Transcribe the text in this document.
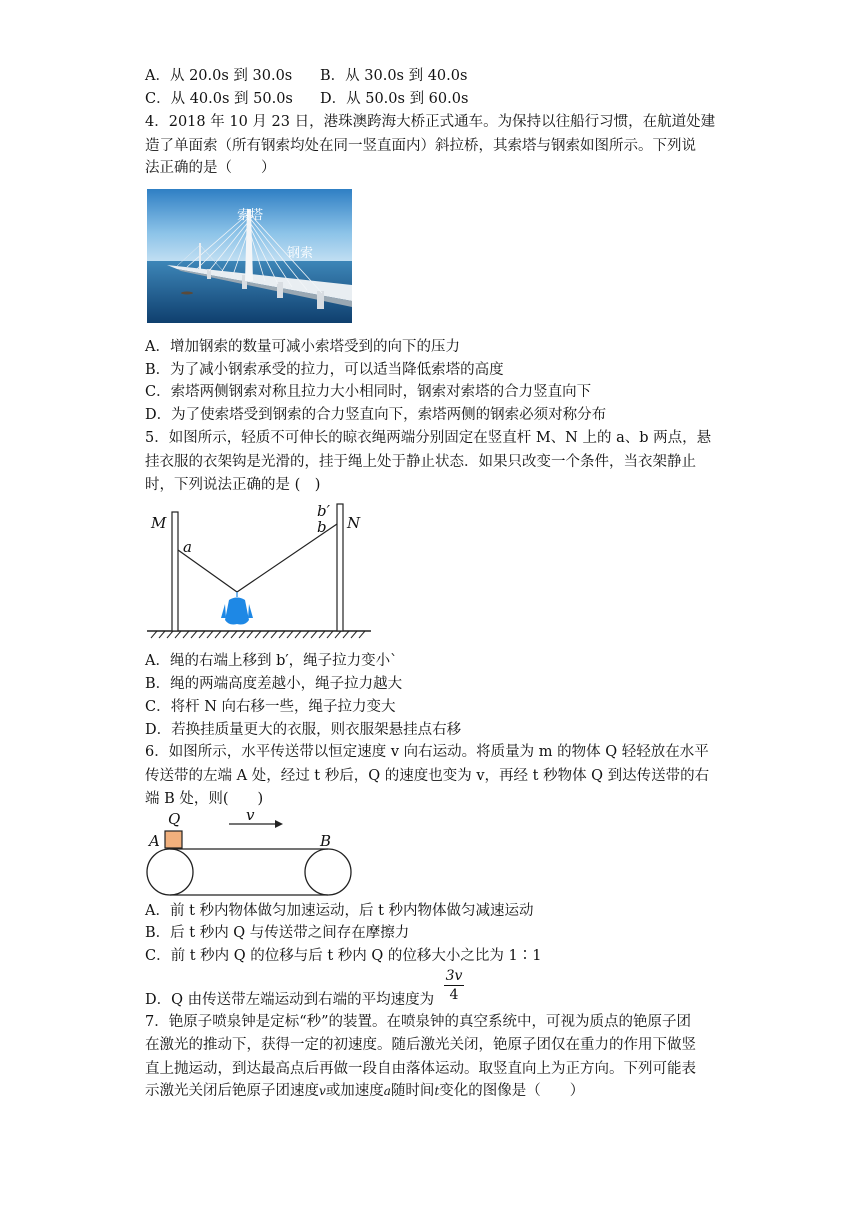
A．从 20.0s 到 30.0s B．从 30.0s 到 40.0s
C．从 40.0s 到 50.0s D．从 50.0s 到 60.0s
4．2018 年 10 月 23 日，港珠澳跨海大桥正式通车。为保持以往船行习惯，在航道处建
造了单面索（所有钢索均处在同一竖直面内）斜拉桥，其索塔与钢索如图所示。下列说
法正确的是（　　）
索塔
钢索
A．增加钢索的数量可减小索塔受到的向下的压力
B．为了减小钢索承受的拉力，可以适当降低索塔的高度
C．索塔两侧钢索对称且拉力大小相同时，钢索对索塔的合力竖直向下
D．为了使索塔受到钢索的合力竖直向下，索塔两侧的钢索必须对称分布
5．如图所示，轻质不可伸长的晾衣绳两端分别固定在竖直杆 M、N 上的 a、b 两点，悬
挂衣服的衣架钩是光滑的，挂于绳上处于静止状态．如果只改变一个条件，当衣架静止
时，下列说法正确的是 (　)
M	N
a
b′
b
A．绳的右端上移到 b′，绳子拉力变小`
B．绳的两端高度差越小，绳子拉力越大
C．将杆 N 向右移一些，绳子拉力变大
D．若换挂质量更大的衣服，则衣服架悬挂点右移
6．如图所示，水平传送带以恒定速度 v 向右运动。将质量为 m 的物体 Q 轻轻放在水平
传送带的左端 A 处，经过 t 秒后，Q 的速度也变为 v，再经 t 秒物体 Q 到达传送带的右
端 B 处，则(　　)
Q	v
A	B
A．前 t 秒内物体做匀加速运动，后 t 秒内物体做匀减速运动
B．后 t 秒内 Q 与传送带之间存在摩擦力
C．前 t 秒内 Q 的位移与后 t 秒内 Q 的位移大小之比为 1∶1
D．Q 由传送带左端运动到右端的平均速度为
3v
4
7．铯原子喷泉钟是定标“秒”的装置。在喷泉钟的真空系统中，可视为质点的铯原子团
在激光的推动下，获得一定的初速度。随后激光关闭，铯原子团仅在重力的作用下做竖
直上抛运动，到达最高点后再做一段自由落体运动。取竖直向上为正方向。下列可能表
示激光关闭后铯原子团速度v或加速度a随时间t变化的图像是（　　）
